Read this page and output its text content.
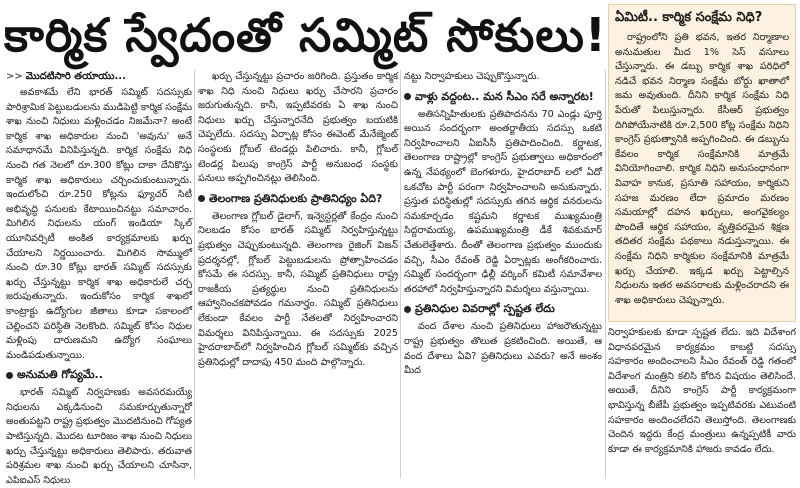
కార్మిక స్వేదంతో సమ్మిట్ సోకులు!
>> మొదటిసారి తయాయు...

అవకాశమే లేని భారత్ సమ్మిట్ సదస్సుకు పారిశ్రామిక పెట్టుబడులను ముడిపెట్టి కార్మిక సంక్షేమ శాఖ నుంచి నిధులు మళ్లించడం నిజమేనా? అంటే కార్మిక శాఖ అధికారుల నుంచి 'అవును' అనే సమాధానమే వినిపిస్తున్నది. కార్మిక సంక్షేమ నిధి నుంచి గత నెలలో రూ.300 కోట్లు దాకా దేనికొస్తు కార్మిక శాఖ అధికారులు చర్చించుకుంటున్నారు. ఇందులోంచి రూ.250 కోట్లను ఫ్యూచర్ సిటీ అభివృద్ధి పనులకు కేటాయించినట్టు సమాచారం. మిగిలిన నిధులను యంగ్ ఇండియా స్కిల్ యూనివర్సిటీ అంకిత కార్యక్రమాలకు ఖర్చు చేయాలని నిర్ణయించారు. మిగిలిన సొమ్ములో నుంచి రూ.30 కోట్లు భారత్ సమ్మిట్ సదస్సుకు ఖర్చు చేస్తున్నట్టు కార్మిక శాఖ అధికారులే చర్చ జరుపుతున్నారు. ఇందుకోసం కార్మిక శాఖలో కాంట్రాక్టు ఉద్యోగుల జీతాలు కూడా సకాలంలో చెల్లించని పరిస్థితి నెలకొంది. సమ్మిట్ కోసం నిధుల మళ్లింపు దారుణమని ఉద్యోగ సంఘాలు మండిపడుతున్నాయి.

అనుమతి గోప్యమే..

భారత్ సమ్మిట్ నిర్వహణకు అవసరమయ్యే నిధులను ఎక్కడినుంచి సమకూర్చుతున్నారో అంతుపట్టని రాష్ట్ర ప్రభుత్వం మొదటినుంచి గోప్యత పాటిస్తున్నది. మొదట టూరిజం శాఖ నుంచి నిధులు ఖర్చు చేస్తున్నట్టు అధికారులు తెలిపారు. తరువాత పరిశ్రమల శాఖ నుంచి ఖర్చు చేయాలని చూసినా, ఎపిఐఎస్ నిధులు

ఖర్చు చేస్తున్నట్టు ప్రచారం జరిగింది. ప్రస్తుతం కార్మిక శాఖ నిధి నుంచి నిధులు ఖర్చు చేసారని ప్రచారం జరుగుతున్నది. కానీ, ఇప్పటివరకు ఏ శాఖ నుంచి నిధులు ఖర్చు చేస్తున్నారనేది ప్రభుత్వం బయటికి చెప్పలేదు. సదస్సు ఏర్పాట్ల కోసం ఈవెంట్ మేనేజ్మెంట్ సంస్థలకు గ్లోబల్ టెండర్లు పిలిచారు. కానీ, గ్లోబల్ టెండర్ల పిలుపు కాంగ్రెస్ పార్టీ అనుబంధ సంస్థకు పనులు అప్పగించినట్లు తెలిసింది.

తెలంగాణ ప్రతినిధులకు ప్రాతినిధ్యం ఏది?

తెలంగాణ గ్లోబల్ డైలాగ్, ఇన్వెస్టర్లతో కేంద్రం నుంచి నిలబడం కోసం భారత్ సమ్మిట్ నిర్వహిస్తున్నట్టు ప్రభుత్వం చెప్పుకుంటున్నది. తెలంగాణ రైజింగ్ విజన్ ప్రదర్శనల్లో, గ్లోబల్ పెట్టుబడులను ప్రోత్సాహించడం కోసమే ఈ సదస్సు. కానీ, సమ్మిట్ ప్రతినిధులు రాష్ట్ర రాజకీయ ప్రత్యర్థుల నుంచి ప్రతినిధులను ఆహ్వానించకపోవడం గమనార్హం. సమ్మిట్ ప్రతినిధులు లేకుండా కేవలం పార్టీ నేతలతో నిర్వహించారని విమర్శలు వినిపిస్తున్నాయి. ఈ సదస్సుకు 2025 హైదరాబాద్‌లో నిర్వహించిన గ్లోబల్ సమ్మిట్‌కు వచ్చిన ప్రతినిధుల్లో దాదాపు 450 మంది పాల్గొన్నారు.

నట్టు నిర్వాహకులు చెప్పుకొస్తున్నారు.

వాళ్లు వద్దంట.. మన సీఎం సరే అన్నారట!

అతిసన్నిహితులకు ప్రతిపాదనను 70 ఎండ్లు పూర్తి అయిన సందర్భంగా అంతర్జాతీయ సదస్సు ఒకటి నిర్వహించాలని ఏఐసీసీ ప్రతిపాదించింది. కర్ణాటక, తెలంగాణ రాష్ట్రాల్లో కాంగ్రెస్ ప్రభుత్వాలు అధికారంలో ఉన్న నేపథ్యంలో బెంగళూరు, హైదరాబాద్ లలో ఏదో ఒకచోట పార్టీ పరంగా నిర్వహించాలని అనుకున్నారు. ప్రస్తుత పరిస్థితుల్లో సదస్సుకు తగిన ఆర్థిక వనరులను సమకూర్చడం కష్టమని కర్ణాటక ముఖ్యమంత్రి సిద్దరామయ్య, ఉపముఖ్యమంత్రి డీకే శివకుమార్ చేతులెత్తేశారు. దీంతో తెలంగాణ ప్రభుత్వం ముందుకు వచ్చి, సీఎం రేవంత్ రెడ్డి ఏర్పాట్లకు అంగీకరించారు. సమ్మిట్ సందర్భంగా ఢిల్లీ వర్కింగ్ కమిటీ సమావేశాల తరహాలో నిర్వహిస్తున్నారని విమర్శలు వస్తున్నాయి.

ప్రతినిధుల వివరాల్లో స్పష్టత లేదు

వంద దేశాల నుంచి ప్రతినిధులు హాజరౌతున్నట్టు రాష్ట్ర ప్రభుత్వం తొలుత ప్రకటించింది. అయితే, ఆ వంద దేశాలు ఏవి? ప్రతినిధులు ఎవరు? అనే అంశం మీద

ఏమిటీ.. కార్మిక సంక్షేమ నిధి?

రాష్ట్రంలోని ప్రతి భవన, ఇతర నిర్మాణాల అనుమతుల మీద 1% సెస్ వసూలు చేస్తున్నారు. ఈ డబ్బు కార్మిక శాఖ పరిధిలో నడిచే భవన నిర్మాణ సంక్షేమ బోర్డు ఖాతాలో జమ అవుతుంది. దీనిని కార్మిక సంక్షేమ నిధి పేరుతో పిలుస్తున్నారు. కేసీఆర్ ప్రభుత్వం దిగిపోయేనాటికి రూ.2,500 కోట్ల సంక్షేమ నిధిని కాంగ్రెస్ ప్రభుత్వానికి అప్పగించింది. ఈ డబ్బును కేవలం కార్మిక సంక్షేమానికి మాత్రమే వినియోగించాలి. కార్మిక నిధిని అనుసంధానంగా వివాహ కానుక, ప్రసూతి సహాయం, కార్మికుని సహజ మరణం లేదా ప్రమాదం మరణం సమయాల్లో దహన ఖర్చులు, అంగవైకల్యం పొందితే ఆర్థిక సహాయం, వృత్తిపరమైన శిక్షణ తదితర సంక్షేమ పథకాలు నడుస్తున్నాయి. ఈ సంక్షేమ నిధిని కార్మికుల సంక్షేమానికి మాత్రమే ఖర్చు చేయాలి. ఇక్కడ ఖర్చు పెట్టాల్సిన నిధులను ఇతర అవసరాలకు మళ్లించరాదని ఈ శాఖ అధికారులు చెప్పున్నారు.

నిర్వాహకులకు కూడా స్పష్టత లేదు. ఇది విదేశాంగ విధానపరమైన కార్యక్రమం కాబట్టి సదస్సు సహకారం అందించాలని సీఎం రేవంత్ రెడ్డి గతంలో విదేశాంగ మంత్రిని కలిసి కోరిన విషయం తెలిసిందే. అయితే, దీనిని కాంగ్రెస్ పార్టీ కార్యక్రమంగా భావిస్తున్న బీజేపీ ప్రభుత్వం ఇప్పటివరకు ఎటువంటి సహకారం అందించలేదని తెలుస్తోంది. తెలంగాణకు చెందిన ఇద్దరు కేంద్ర మంత్రులు ఉన్నప్పటికీ వారు కూడా ఈ కార్యక్రమానికి హాజరు కావడం లేదు.
